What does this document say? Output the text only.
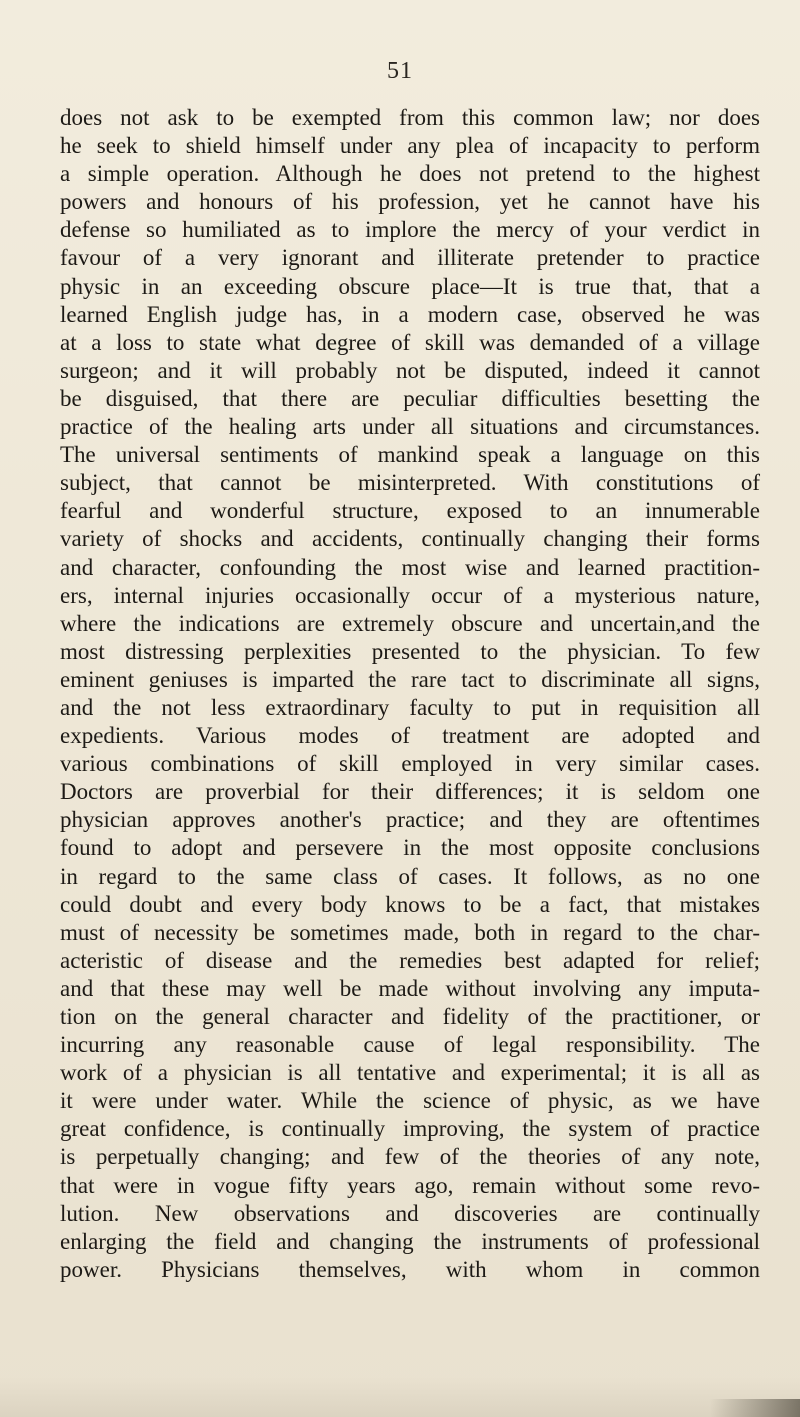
51
does not ask to be exempted from this common law; nor does
he seek to shield himself under any plea of incapacity to perform
a simple operation. Although he does not pretend to the highest
powers and honours of his profession, yet he cannot have his
defense so humiliated as to implore the mercy of your verdict in
favour of a very ignorant and illiterate pretender to practice
physic in an exceeding obscure place—It is true that, that a
learned English judge has, in a modern case, observed he was
at a loss to state what degree of skill was demanded of a village
surgeon; and it will probably not be disputed, indeed it cannot
be disguised, that there are peculiar difficulties besetting the
practice of the healing arts under all situations and circumstances.
The universal sentiments of mankind speak a language on this
subject, that cannot be misinterpreted. With constitutions of
fearful and wonderful structure, exposed to an innumerable
variety of shocks and accidents, continually changing their forms
and character, confounding the most wise and learned practition-
ers, internal injuries occasionally occur of a mysterious nature,
where the indications are extremely obscure and uncertain,and the
most distressing perplexities presented to the physician. To few
eminent geniuses is imparted the rare tact to discriminate all signs,
and the not less extraordinary faculty to put in requisition all
expedients. Various modes of treatment are adopted and
various combinations of skill employed in very similar cases.
Doctors are proverbial for their differences; it is seldom one
physician approves another's practice; and they are oftentimes
found to adopt and persevere in the most opposite conclusions
in regard to the same class of cases. It follows, as no one
could doubt and every body knows to be a fact, that mistakes
must of necessity be sometimes made, both in regard to the char-
acteristic of disease and the remedies best adapted for relief;
and that these may well be made without involving any imputa-
tion on the general character and fidelity of the practitioner, or
incurring any reasonable cause of legal responsibility. The
work of a physician is all tentative and experimental; it is all as
it were under water. While the science of physic, as we have
great confidence, is continually improving, the system of practice
is perpetually changing; and few of the theories of any note,
that were in vogue fifty years ago, remain without some revo-
lution. New observations and discoveries are continually
enlarging the field and changing the instruments of professional
power. Physicians themselves, with whom in common
